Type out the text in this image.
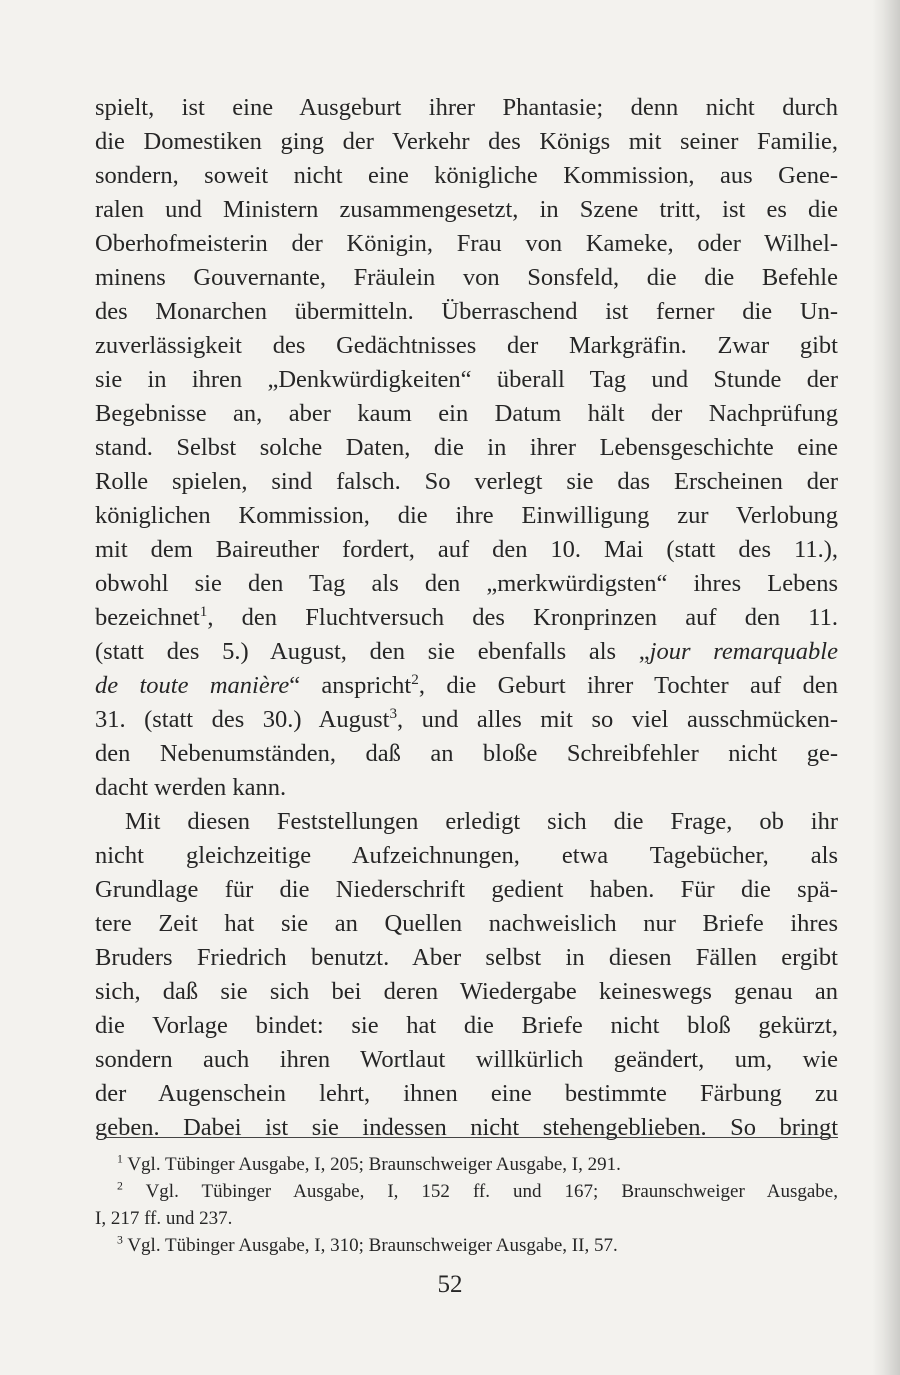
spielt, ist eine Ausgeburt ihrer Phantasie; denn nicht durch
die Domestiken ging der Verkehr des Königs mit seiner Familie,
sondern, soweit nicht eine königliche Kommission, aus Gene-
ralen und Ministern zusammengesetzt, in Szene tritt, ist es die
Oberhofmeisterin der Königin, Frau von Kameke, oder Wilhel-
minens Gouvernante, Fräulein von Sonsfeld, die die Befehle
des Monarchen übermitteln. Überraschend ist ferner die Un-
zuverlässigkeit des Gedächtnisses der Markgräfin. Zwar gibt
sie in ihren „Denkwürdigkeiten“ überall Tag und Stunde der
Begebnisse an, aber kaum ein Datum hält der Nachprüfung
stand. Selbst solche Daten, die in ihrer Lebensgeschichte eine
Rolle spielen, sind falsch. So verlegt sie das Erscheinen der
königlichen Kommission, die ihre Einwilligung zur Verlobung
mit dem Baireuther fordert, auf den 10. Mai (statt des 11.),
obwohl sie den Tag als den „merkwürdigsten“ ihres Lebens
bezeichnet$^1$, den Fluchtversuch des Kronprinzen auf den 11.
(statt des 5.) August, den sie ebenfalls als „jour remarquable
de toute manière“ anspricht$^2$, die Geburt ihrer Tochter auf den
31. (statt des 30.) August$^3$, und alles mit so viel ausschmücken-
den Nebenumständen, daß an bloße Schreibfehler nicht ge-
dacht werden kann.
Mit diesen Feststellungen erledigt sich die Frage, ob ihr
nicht gleichzeitige Aufzeichnungen, etwa Tagebücher, als
Grundlage für die Niederschrift gedient haben. Für die spä-
tere Zeit hat sie an Quellen nachweislich nur Briefe ihres
Bruders Friedrich benutzt. Aber selbst in diesen Fällen ergibt
sich, daß sie sich bei deren Wiedergabe keineswegs genau an
die Vorlage bindet: sie hat die Briefe nicht bloß gekürzt,
sondern auch ihren Wortlaut willkürlich geändert, um, wie
der Augenschein lehrt, ihnen eine bestimmte Färbung zu
geben. Dabei ist sie indessen nicht stehengeblieben. So bringt
$^1$ Vgl. Tübinger Ausgabe, I, 205; Braunschweiger Ausgabe, I, 291.
$^2$ Vgl. Tübinger Ausgabe, I, 152 ff. und 167; Braunschweiger Ausgabe,
I, 217 ff. und 237.
$^3$ Vgl. Tübinger Ausgabe, I, 310; Braunschweiger Ausgabe, II, 57.
52
